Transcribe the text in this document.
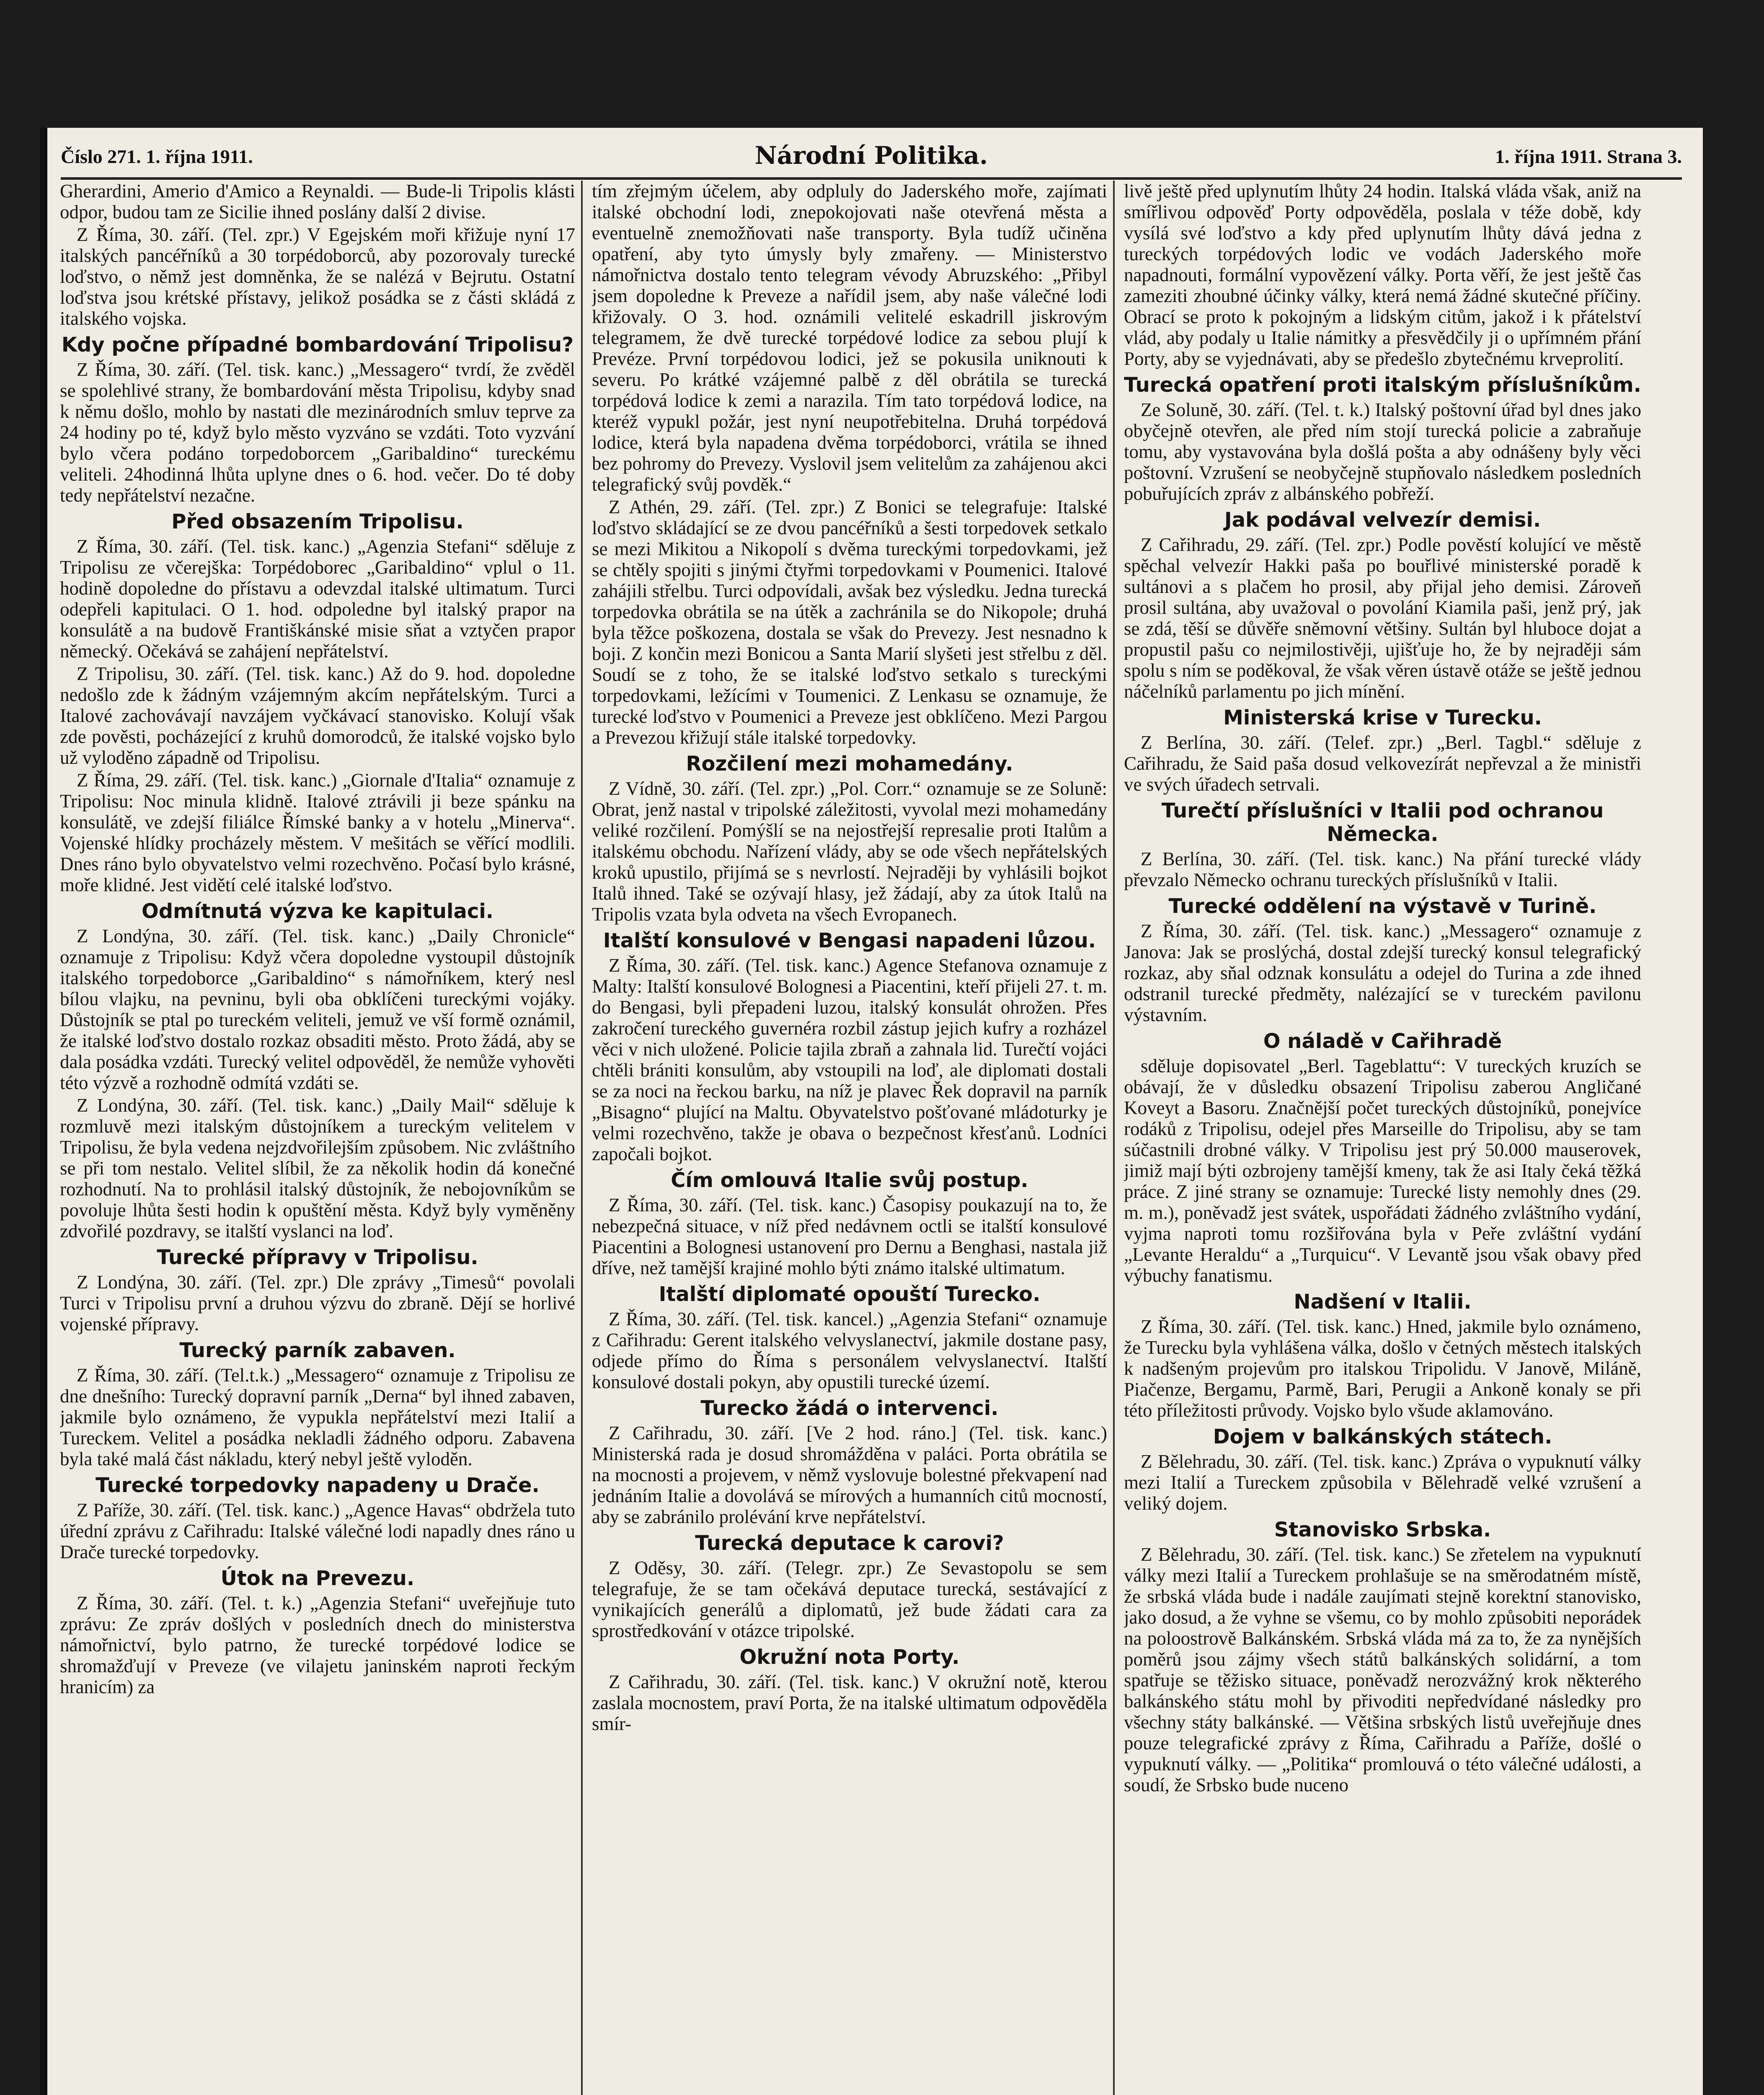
Číslo 271. 1. října 1911.	Národní Politika.	1. října 1911. Strana 3.

Gherardini, Amerio d'Amico a Reynaldi. — Bude-li Tripolis klásti odpor, budou tam ze Sicilie ihned poslány další 2 divise.

Z Říma, 30. září. (Tel. zpr.) V Egejském moři křižuje nyní 17 italských pancéřníků a 30 torpédoborců, aby pozorovaly turecké loďstvo, o němž jest domněnka, že se nalézá v Bejrutu. Ostatní loďstva jsou krétské přístavy, jelikož posádka se z části skládá z italského vojska.

Kdy počne případné bombardování Tripolisu?

Z Říma, 30. září. (Tel. tisk. kanc.) „Messagero“ tvrdí, že zvěděl se spolehlivé strany, že bombardování města Tripolisu, kdyby snad k němu došlo, mohlo by nastati dle mezinárodních smluv teprve za 24 hodiny po té, když bylo město vyzváno se vzdáti. Toto vyzvání bylo včera podáno torpedoborcem „Garibaldino“ tureckému veliteli. 24hodinná lhůta uplyne dnes o 6. hod. večer. Do té doby tedy nepřátelství nezačne.

Před obsazením Tripolisu.

Z Říma, 30. září. (Tel. tisk. kanc.) „Agenzia Stefani“ sděluje z Tripolisu ze včerejška: Torpédoborec „Garibaldino“ vplul o 11. hodině dopoledne do přístavu a odevzdal italské ultimatum. Turci odepřeli kapitulaci. O 1. hod. odpoledne byl italský prapor na konsulátě a na budově Františkánské misie sňat a vztyčen prapor německý. Očekává se zahájení nepřátelství.

Z Tripolisu, 30. září. (Tel. tisk. kanc.) Až do 9. hod. dopoledne nedošlo zde k žádným vzájemným akcím nepřátelským. Turci a Italové zachovávají navzájem vyčkávací stanovisko. Kolují však zde pověsti, pocházející z kruhů domorodců, že italské vojsko bylo už vyloděno západně od Tripolisu.

Z Říma, 29. září. (Tel. tisk. kanc.) „Giornale d'Italia“ oznamuje z Tripolisu: Noc minula klidně. Italové ztrávili ji beze spánku na konsulátě, ve zdejší filiálce Římské banky a v hotelu „Minerva“. Vojenské hlídky procházely městem. V mešitách se věřící modlili. Dnes ráno bylo obyvatelstvo velmi rozechvěno. Počasí bylo krásné, moře klidné. Jest vidětí celé italské loďstvo.

Odmítnutá výzva ke kapitulaci.

Z Londýna, 30. září. (Tel. tisk. kanc.) „Daily Chronicle“ oznamuje z Tripolisu: Když včera dopoledne vystoupil důstojník italského torpedoborce „Garibaldino“ s námořníkem, který nesl bílou vlajku, na pevninu, byli oba obklíčeni tureckými vojáky. Důstojník se ptal po tureckém veliteli, jemuž ve vší formě oznámil, že italské loďstvo dostalo rozkaz obsaditi město. Proto žádá, aby se dala posádka vzdáti. Turecký velitel odpověděl, že nemůže vyhověti této výzvě a rozhodně odmítá vzdáti se.

Z Londýna, 30. září. (Tel. tisk. kanc.) „Daily Mail“ sděluje k rozmluvě mezi italským důstojníkem a tureckým velitelem v Tripolisu, že byla vedena nejzdvořilejším způsobem. Nic zvláštního se při tom nestalo. Velitel slíbil, že za několik hodin dá konečné rozhodnutí. Na to prohlásil italský důstojník, že nebojovníkům se povoluje lhůta šesti hodin k opuštění města. Když byly vyměněny zdvořilé pozdravy, se italští vyslanci na loď.

Turecké přípravy v Tripolisu.

Z Londýna, 30. září. (Tel. zpr.) Dle zprávy „Timesů“ povolali Turci v Tripolisu první a druhou výzvu do zbraně. Dějí se horlivé vojenské přípravy.

Turecký parník zabaven.

Z Říma, 30. září. (Tel.t.k.) „Messagero“ oznamuje z Tripolisu ze dne dnešního: Turecký dopravní parník „Derna“ byl ihned zabaven, jakmile bylo oznámeno, že vypukla nepřátelství mezi Italií a Tureckem. Velitel a posádka nekladli žádného odporu. Zabavena byla také malá část nákladu, který nebyl ještě vyloděn.

Turecké torpedovky napadeny u Drače.

Z Paříže, 30. září. (Tel. tisk. kanc.) „Agence Havas“ obdržela tuto úřední zprávu z Cařihradu: Italské válečné lodi napadly dnes ráno u Drače turecké torpedovky.

Útok na Prevezu.

Z Říma, 30. září. (Tel. t. k.) „Agenzia Stefani“ uveřejňuje tuto zprávu: Ze zpráv došlých v posledních dnech do ministerstva námořnictví, bylo patrno, že turecké torpédové lodice se shromažďují v Preveze (ve vilajetu janinském naproti řeckým hranicím) za

tím zřejmým účelem, aby odpluly do Jaderského moře, zajímati italské obchodní lodi, znepokojovati naše otevřená města a eventuelně znemožňovati naše transporty. Byla tudíž učiněna opatření, aby tyto úmysly byly zmařeny. — Ministerstvo námořnictva dostalo tento telegram vévody Abruzského: „Přibyl jsem dopoledne k Preveze a nařídil jsem, aby naše válečné lodi křižovaly. O 3. hod. oznámili velitelé eskadrill jiskrovým telegramem, že dvě turecké torpédové lodice za sebou plují k Prevéze. První torpédovou lodici, jež se pokusila uniknouti k severu. Po krátké vzájemné palbě z děl obrátila se turecká torpédová lodice k zemi a narazila. Tím tato torpédová lodice, na kteréž vypukl požár, jest nyní neupotřebitelna. Druhá torpédová lodice, která byla napadena dvěma torpédoborci, vrátila se ihned bez pohromy do Prevezy. Vyslovil jsem velitelům za zahájenou akci telegrafický svůj povděk.“

Z Athén, 29. září. (Tel. zpr.) Z Bonici se telegrafuje: Italské loďstvo skládající se ze dvou pancéřníků a šesti torpedovek setkalo se mezi Mikitou a Nikopolí s dvěma tureckými torpedovkami, jež se chtěly spojiti s jinými čtyřmi torpedovkami v Poumenici. Italové zahájili střelbu. Turci odpovídali, avšak bez výsledku. Jedna turecká torpedovka obrátila se na útěk a zachránila se do Nikopole; druhá byla těžce poškozena, dostala se však do Prevezy. Jest nesnadno k boji. Z končin mezi Bonicou a Santa Marií slyšeti jest střelbu z děl. Soudí se z toho, že se italské loďstvo setkalo s tureckými torpedovkami, ležícími v Toumenici. Z Lenkasu se oznamuje, že turecké loďstvo v Poumenici a Preveze jest obklíčeno. Mezi Pargou a Prevezou křižují stále italské torpedovky.

Rozčilení mezi mohamedány.

Z Vídně, 30. září. (Tel. zpr.) „Pol. Corr.“ oznamuje se ze Soluně: Obrat, jenž nastal v tripolské záležitosti, vyvolal mezi mohamedány veliké rozčilení. Pomýšlí se na nejostřejší represalie proti Italům a italskému obchodu. Nařízení vlády, aby se ode všech nepřátelských kroků upustilo, přijímá se s nevrlostí. Nejraději by vyhlásili bojkot Italů ihned. Také se ozývají hlasy, jež žádají, aby za útok Italů na Tripolis vzata byla odveta na všech Evropanech.

Italští konsulové v Bengasi napadeni lůzou.

Z Říma, 30. září. (Tel. tisk. kanc.) Agence Stefanova oznamuje z Malty: Italští konsulové Bolognesi a Piacentini, kteří přijeli 27. t. m. do Bengasi, byli přepadeni luzou, italský konsulát ohrožen. Přes zakročení tureckého guvernéra rozbil zástup jejich kufry a rozházel věci v nich uložené. Policie tajila zbraň a zahnala lid. Turečtí vojáci chtěli brániti konsulům, aby vstoupili na loď, ale diplomati dostali se za noci na řeckou barku, na níž je plavec Řek dopravil na parník „Bisagno“ plující na Maltu. Obyvatelstvo pošťované mládoturky je velmi rozechvěno, takže je obava o bezpečnost křesťanů. Lodníci započali bojkot.

Čím omlouvá Italie svůj postup.

Z Říma, 30. září. (Tel. tisk. kanc.) Časopisy poukazují na to, že nebezpečná situace, v níž před nedávnem octli se italští konsulové Piacentini a Bolognesi ustanovení pro Dernu a Benghasi, nastala již dříve, než tamější krajiné mohlo býti známo italské ultimatum.

Italští diplomaté opouští Turecko.

Z Říma, 30. září. (Tel. tisk. kancel.) „Agenzia Stefani“ oznamuje z Cařihradu: Gerent italského velvyslanectví, jakmile dostane pasy, odjede přímo do Říma s personálem velvyslanectví. Italští konsulové dostali pokyn, aby opustili turecké území.

Turecko žádá o intervenci.

Z Cařihradu, 30. září. [Ve 2 hod. ráno.] (Tel. tisk. kanc.) Ministerská rada je dosud shromážděna v paláci. Porta obrátila se na mocnosti a projevem, v němž vyslovuje bolestné překvapení nad jednáním Italie a dovolává se mírových a humanních citů mocností, aby se zabránilo prolévání krve nepřátelství.

Turecká deputace k carovi?

Z Oděsy, 30. září. (Telegr. zpr.) Ze Sevastopolu se sem telegrafuje, že se tam očekává deputace turecká, sestávající z vynikajících generálů a diplomatů, jež bude žádati cara za sprostředkování v otázce tripolské.

Okružní nota Porty.

Z Cařihradu, 30. září. (Tel. tisk. kanc.) V okružní notě, kterou zaslala mocnostem, praví Porta, že na italské ultimatum odpověděla smír-

livě ještě před uplynutím lhůty 24 hodin. Italská vláda však, aniž na smířlivou odpověď Porty odpověděla, poslala v téže době, kdy vysílá své loďstvo a kdy před uplynutím lhůty dává jedna z tureckých torpédových lodic ve vodách Jaderského moře napadnouti, formální vypovězení války. Porta věří, že jest ještě čas zameziti zhoubné účinky války, která nemá žádné skutečné příčiny. Obrací se proto k pokojným a lidským citům, jakož i k přátelství vlád, aby podaly u Italie námitky a přesvědčily ji o upřímném přání Porty, aby se vyjednávati, aby se předešlo zbytečnému krveprolití.

Turecká opatření proti italským příslušníkům.

Ze Soluně, 30. září. (Tel. t. k.) Italský poštovní úřad byl dnes jako obyčejně otevřen, ale před ním stojí turecká policie a zabraňuje tomu, aby vystavována byla došlá pošta a aby odnášeny byly věci poštovní. Vzrušení se neobyčejně stupňovalo následkem posledních pobuřujících zpráv z albánského pobřeží.

Jak podával velvezír demisi.

Z Cařihradu, 29. září. (Tel. zpr.) Podle pověstí kolující ve městě spěchal velvezír Hakki paša po bouřlivé ministerské poradě k sultánovi a s plačem ho prosil, aby přijal jeho demisi. Zároveň prosil sultána, aby uvažoval o povolání Kiamila paši, jenž prý, jak se zdá, těší se důvěře sněmovní většiny. Sultán byl hluboce dojat a propustil pašu co nejmilostivěji, ujišťuje ho, že by nejraději sám spolu s ním se poděkoval, že však věren ústavě otáže se ještě jednou náčelníků parlamentu po jich mínění.

Ministerská krise v Turecku.

Z Berlína, 30. září. (Telef. zpr.) „Berl. Tagbl.“ sděluje z Cařihradu, že Said paša dosud velkovezírát nepřevzal a že ministři ve svých úřadech setrvali.

Turečtí příslušníci v Italii pod ochranou Německa.

Z Berlína, 30. září. (Tel. tisk. kanc.) Na přání turecké vlády převzalo Německo ochranu tureckých příslušníků v Italii.

Turecké oddělení na výstavě v Turině.

Z Říma, 30. září. (Tel. tisk. kanc.) „Messagero“ oznamuje z Janova: Jak se proslýchá, dostal zdejší turecký konsul telegrafický rozkaz, aby sňal odznak konsulátu a odejel do Turina a zde ihned odstranil turecké předměty, nalézající se v tureckém pavilonu výstavním.

O náladě v Cařihradě

sděluje dopisovatel „Berl. Tageblattu“: V tureckých kruzích se obávají, že v důsledku obsazení Tripolisu zaberou Angličané Koveyt a Basoru. Značnější počet tureckých důstojníků, ponejvíce rodáků z Tripolisu, odejel přes Marseille do Tripolisu, aby se tam súčastnili drobné války. V Tripolisu jest prý 50.000 mauserovek, jimiž mají býti ozbrojeny tamější kmeny, tak že asi Italy čeká těžká práce. Z jiné strany se oznamuje: Turecké listy nemohly dnes (29. m. m.), poněvadž jest svátek, uspořádati žádného zvláštního vydání, vyjma naproti tomu rozšiřována byla v Peře zvláštní vydání „Levante Heraldu“ a „Turquicu“. V Levantě jsou však obavy před výbuchy fanatismu.

Nadšení v Italii.

Z Říma, 30. září. (Tel. tisk. kanc.) Hned, jakmile bylo oznámeno, že Turecku byla vyhlášena válka, došlo v četných městech italských k nadšeným projevům pro italskou Tripolidu. V Janově, Miláně, Piačenze, Bergamu, Parmě, Bari, Perugii a Ankoně konaly se při této příležitosti průvody. Vojsko bylo všude aklamováno.

Dojem v balkánských státech.

Z Bělehradu, 30. září. (Tel. tisk. kanc.) Zpráva o vypuknutí války mezi Italií a Tureckem způsobila v Bělehradě velké vzrušení a veliký dojem.

Stanovisko Srbska.

Z Bělehradu, 30. září. (Tel. tisk. kanc.) Se zřetelem na vypuknutí války mezi Italií a Tureckem prohlašuje se na směrodatném místě, že srbská vláda bude i nadále zaujímati stejně korektní stanovisko, jako dosud, a že vyhne se všemu, co by mohlo způsobiti neporádek na poloostrově Balkánském. Srbská vláda má za to, že za nynějších poměrů jsou zájmy všech států balkánských solidární, a tom spatřuje se těžisko situace, poněvadž nerozvážný krok některého balkánského státu mohl by přivoditi nepředvídané následky pro všechny státy balkánské. — Většina srbských listů uveřejňuje dnes pouze telegrafické zprávy z Říma, Cařihradu a Paříže, došlé o vypuknutí války. — „Politika“ promlouvá o této válečné události, a soudí, že Srbsko bude nuceno
